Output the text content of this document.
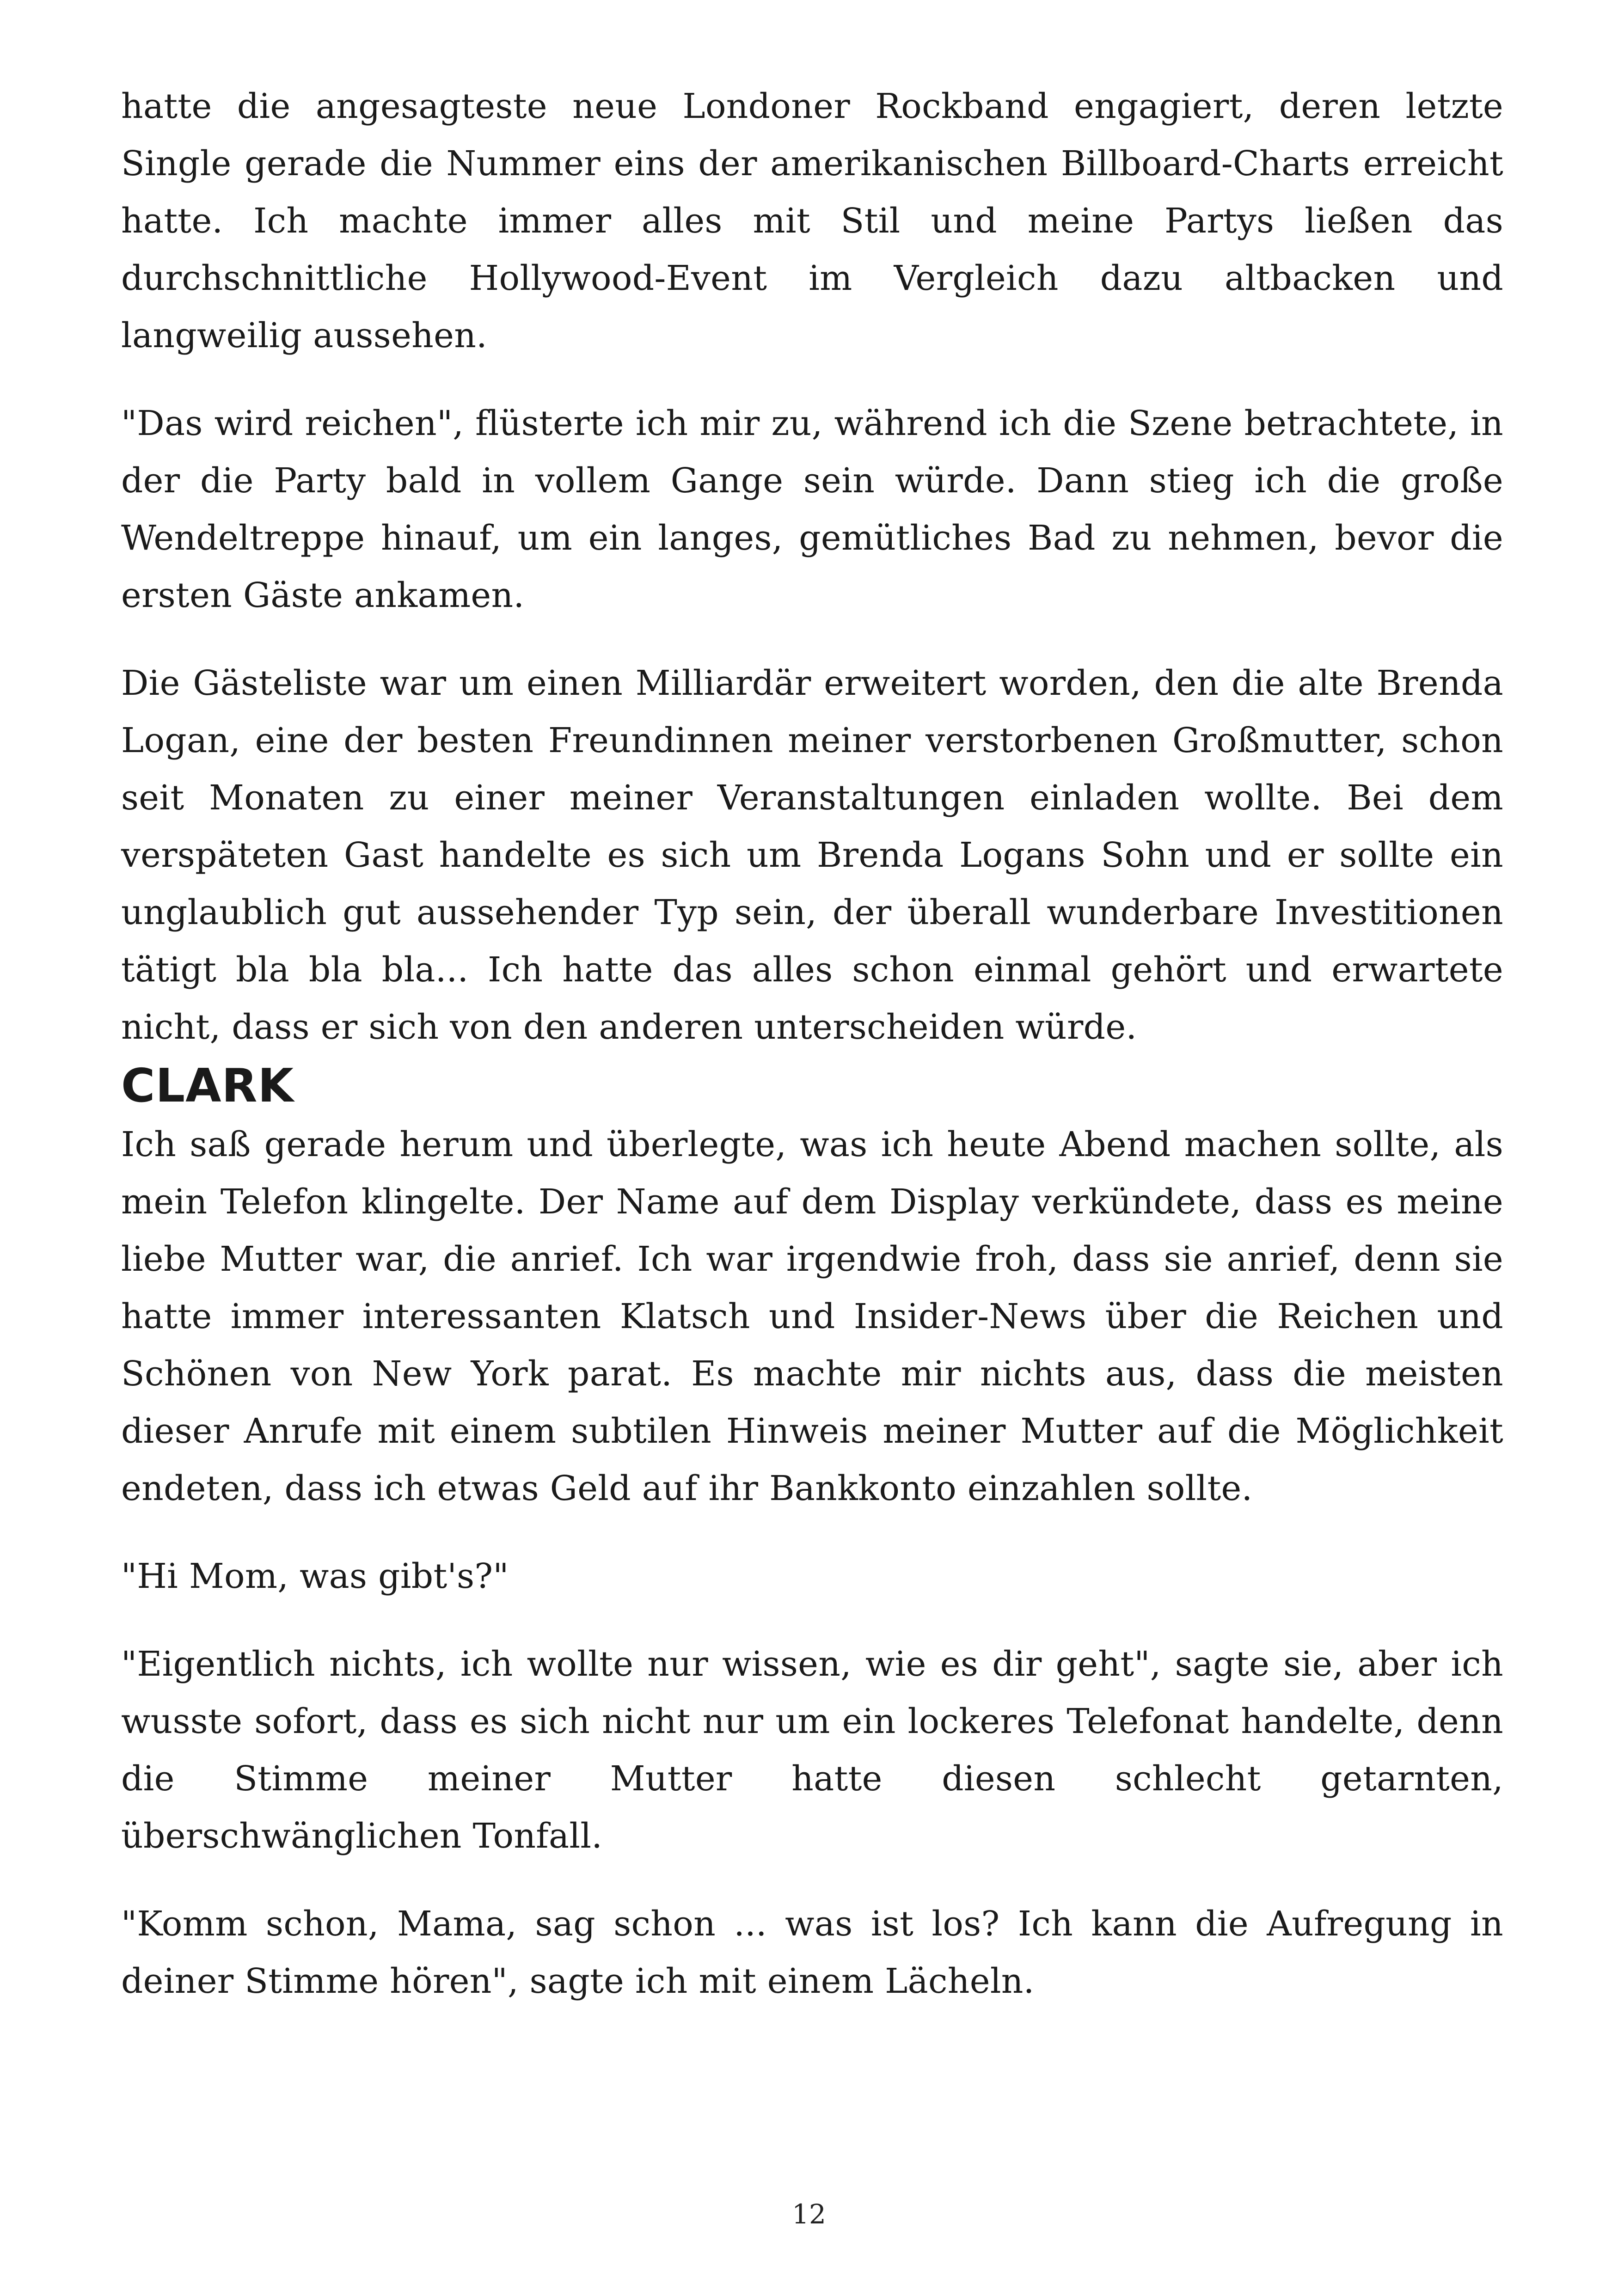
hatte die angesagteste neue Londoner Rockband engagiert, deren letzte Single gerade die Nummer eins der amerikanischen Billboard-Charts erreicht hatte. Ich machte immer alles mit Stil und meine Partys ließen das durchschnittliche Hollywood-Event im Vergleich dazu altbacken und langweilig aussehen.

"Das wird reichen", flüsterte ich mir zu, während ich die Szene betrachtete, in der die Party bald in vollem Gange sein würde. Dann stieg ich die große Wendeltreppe hinauf, um ein langes, gemütliches Bad zu nehmen, bevor die ersten Gäste ankamen.

Die Gästeliste war um einen Milliardär erweitert worden, den die alte Brenda Logan, eine der besten Freundinnen meiner verstorbenen Großmutter, schon seit Monaten zu einer meiner Veranstaltungen einladen wollte. Bei dem verspäteten Gast handelte es sich um Brenda Logans Sohn und er sollte ein unglaublich gut aussehender Typ sein, der überall wunderbare Investitionen tätigt bla bla bla... Ich hatte das alles schon einmal gehört und erwartete nicht, dass er sich von den anderen unterscheiden würde.

CLARK

Ich saß gerade herum und überlegte, was ich heute Abend machen sollte, als mein Telefon klingelte. Der Name auf dem Display verkündete, dass es meine liebe Mutter war, die anrief. Ich war irgendwie froh, dass sie anrief, denn sie hatte immer interessanten Klatsch und Insider-News über die Reichen und Schönen von New York parat. Es machte mir nichts aus, dass die meisten dieser Anrufe mit einem subtilen Hinweis meiner Mutter auf die Möglichkeit endeten, dass ich etwas Geld auf ihr Bankkonto einzahlen sollte.

"Hi Mom, was gibt's?"

"Eigentlich nichts, ich wollte nur wissen, wie es dir geht", sagte sie, aber ich wusste sofort, dass es sich nicht nur um ein lockeres Telefonat handelte, denn die Stimme meiner Mutter hatte diesen schlecht getarnten, überschwänglichen Tonfall.

"Komm schon, Mama, sag schon ... was ist los? Ich kann die Aufregung in deiner Stimme hören", sagte ich mit einem Lächeln.

12
